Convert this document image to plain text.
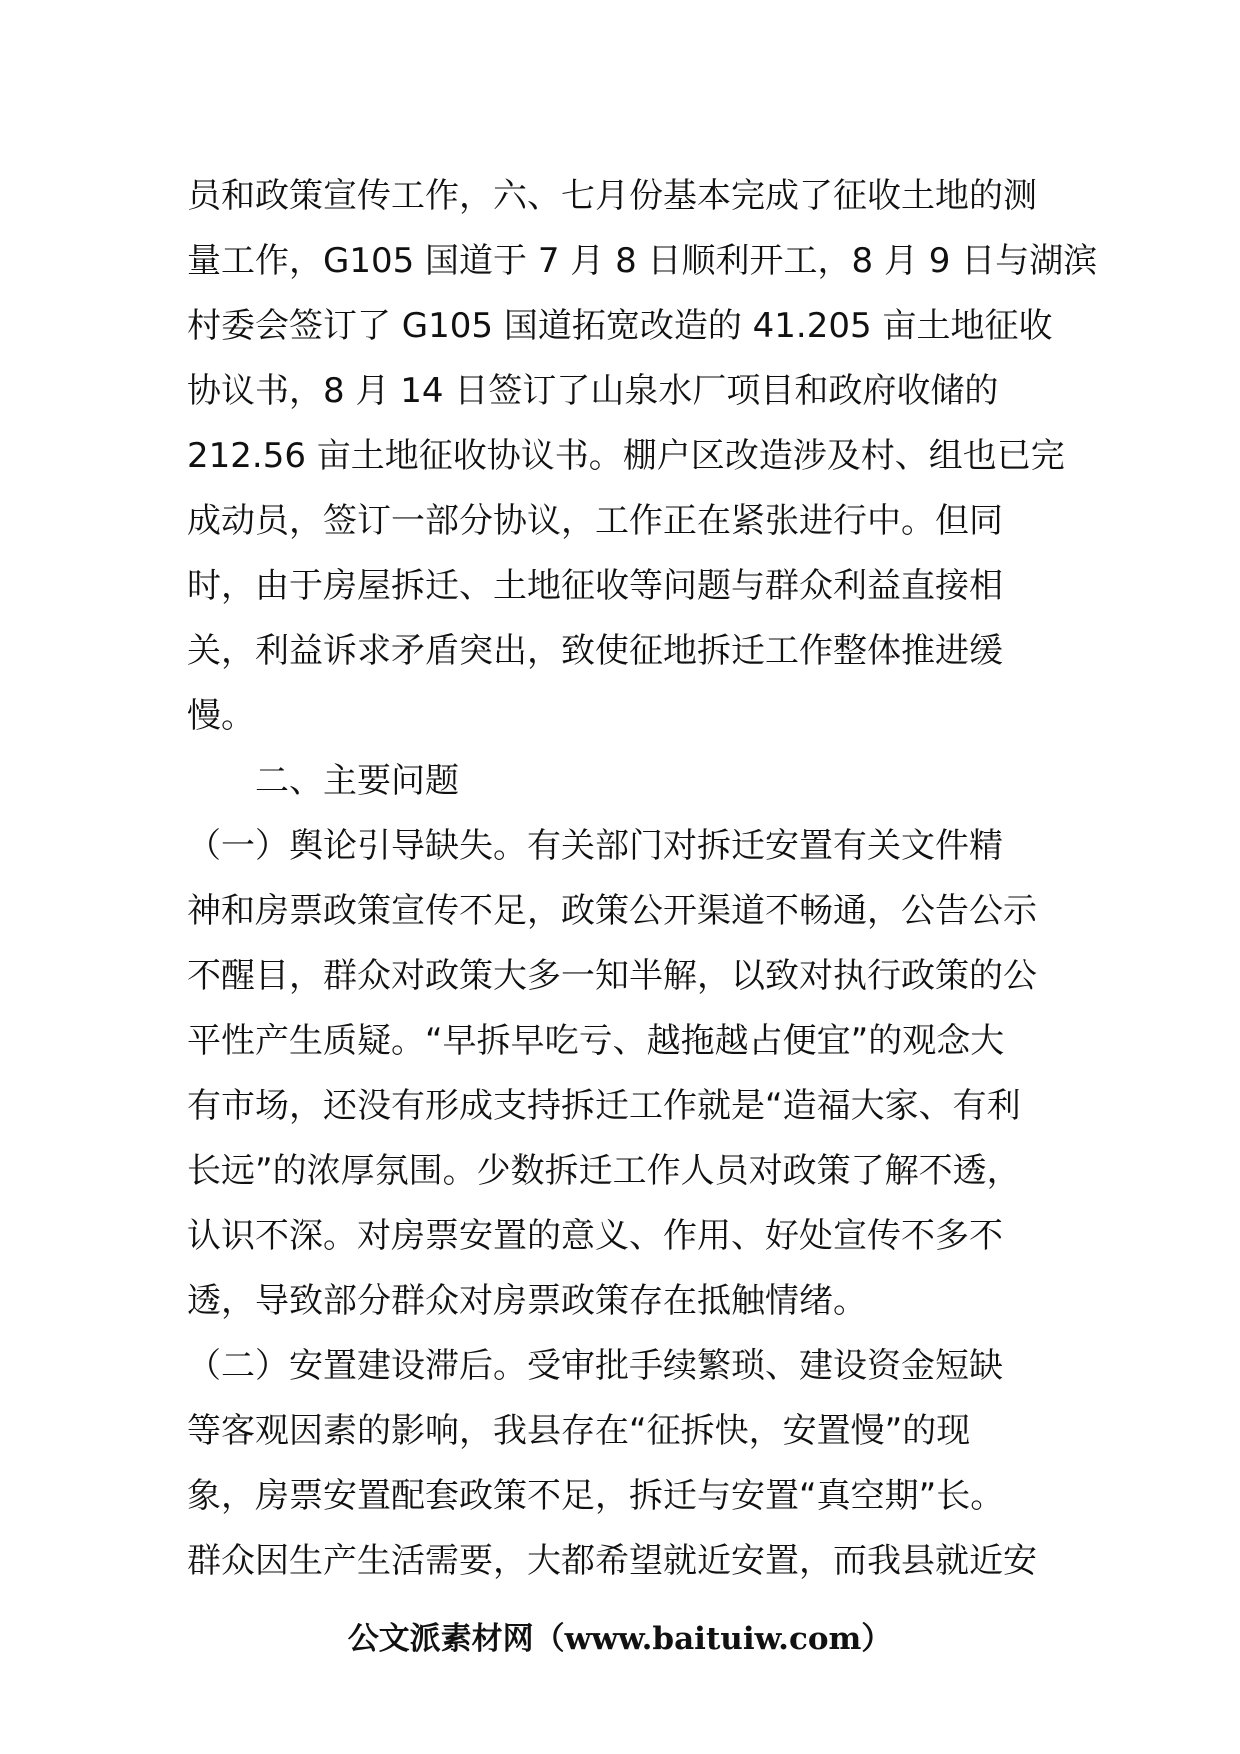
员和政策宣传工作，六、七月份基本完成了征收土地的测
量工作，G105 国道于 7 月 8 日顺利开工，8 月 9 日与湖滨
村委会签订了 G105 国道拓宽改造的 41.205 亩土地征收
协议书，8 月 14 日签订了山泉水厂项目和政府收储的
212.56 亩土地征收协议书。棚户区改造涉及村、组也已完
成动员，签订一部分协议，工作正在紧张进行中。但同
时，由于房屋拆迁、土地征收等问题与群众利益直接相
关，利益诉求矛盾突出，致使征地拆迁工作整体推进缓
慢。
二、主要问题
（一）舆论引导缺失。有关部门对拆迁安置有关文件精
神和房票政策宣传不足，政策公开渠道不畅通，公告公示
不醒目，群众对政策大多一知半解，以致对执行政策的公
平性产生质疑。“早拆早吃亏、越拖越占便宜”的观念大
有市场，还没有形成支持拆迁工作就是“造福大家、有利
长远”的浓厚氛围。少数拆迁工作人员对政策了解不透，
认识不深。对房票安置的意义、作用、好处宣传不多不
透，导致部分群众对房票政策存在抵触情绪。
（二）安置建设滞后。受审批手续繁琐、建设资金短缺
等客观因素的影响，我县存在“征拆快，安置慢”的现
象，房票安置配套政策不足，拆迁与安置“真空期”长。
群众因生产生活需要，大都希望就近安置，而我县就近安
公文派素材网（www.baituiw.com）
